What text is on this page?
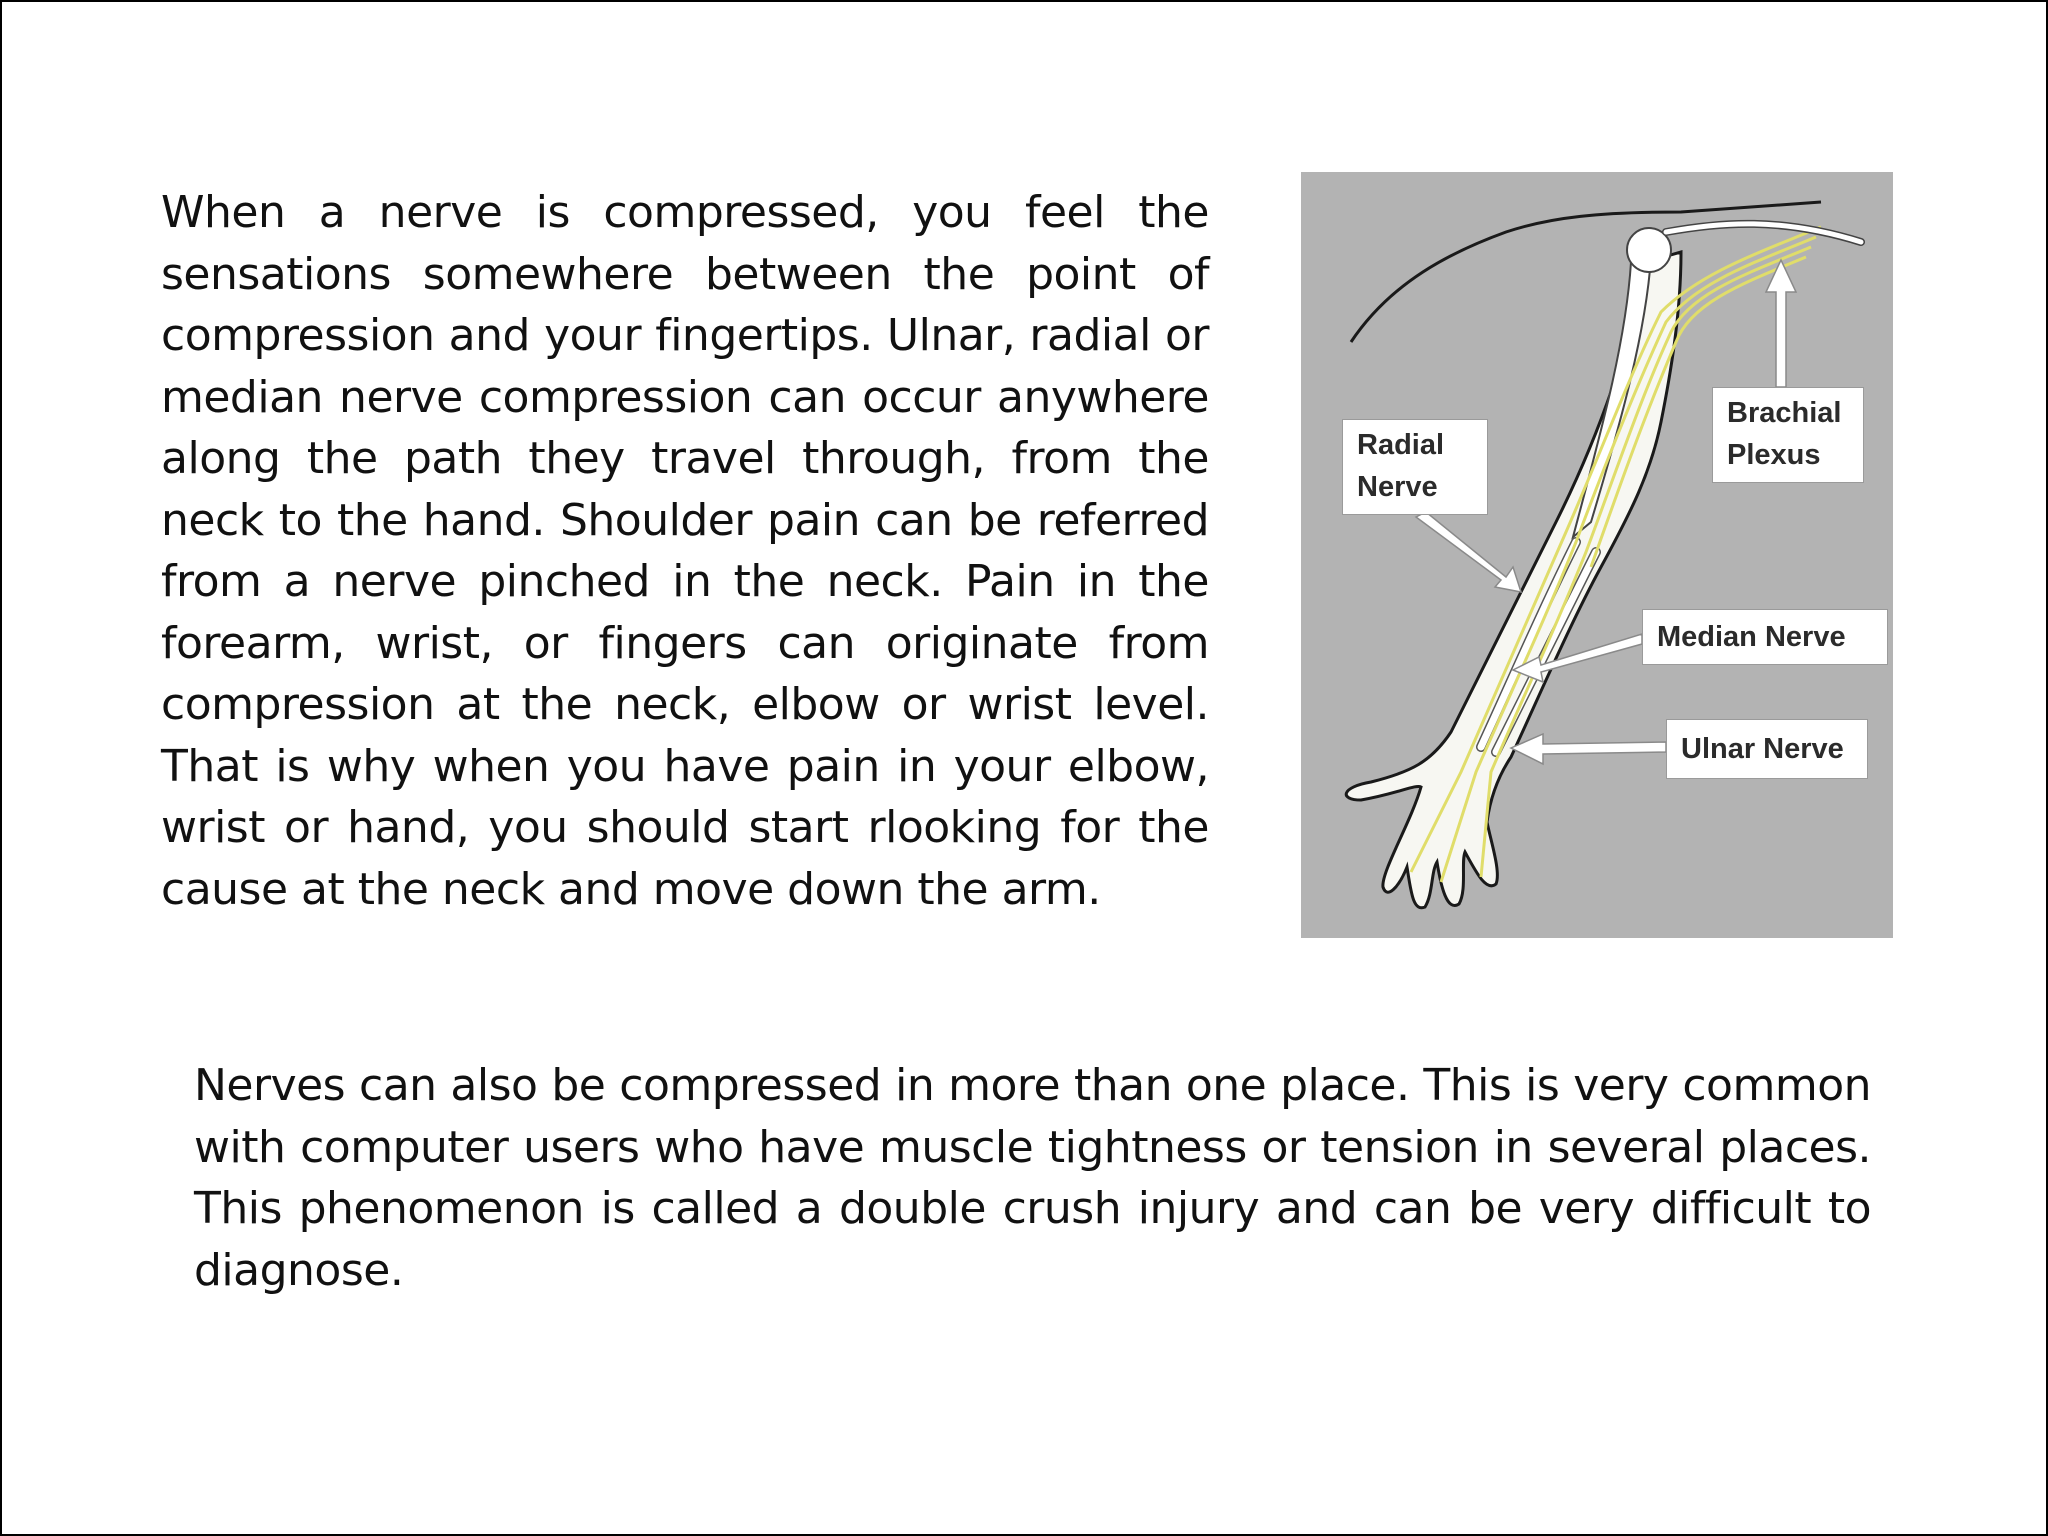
When a nerve is compressed, you feel the sensations somewhere between the point of compression and your fingertips. Ulnar, radial or median nerve compression can occur anywhere along the path they travel through, from the neck to the hand. Shoulder pain can be referred from a nerve pinched in the neck. Pain in the forearm, wrist, or fingers can originate from compression at the neck, elbow or wrist level. That is why when you have pain in your elbow, wrist or hand, you should start rlooking for the cause at the neck and move down the arm.

Radial
Nerve
Brachial
Plexus
Median Nerve
Ulnar Nerve

Nerves can also be compressed in more than one place. This is very common with computer users who have muscle tightness or tension in several places. This phenomenon is called a double crush injury and can be very difficult to diagnose.
